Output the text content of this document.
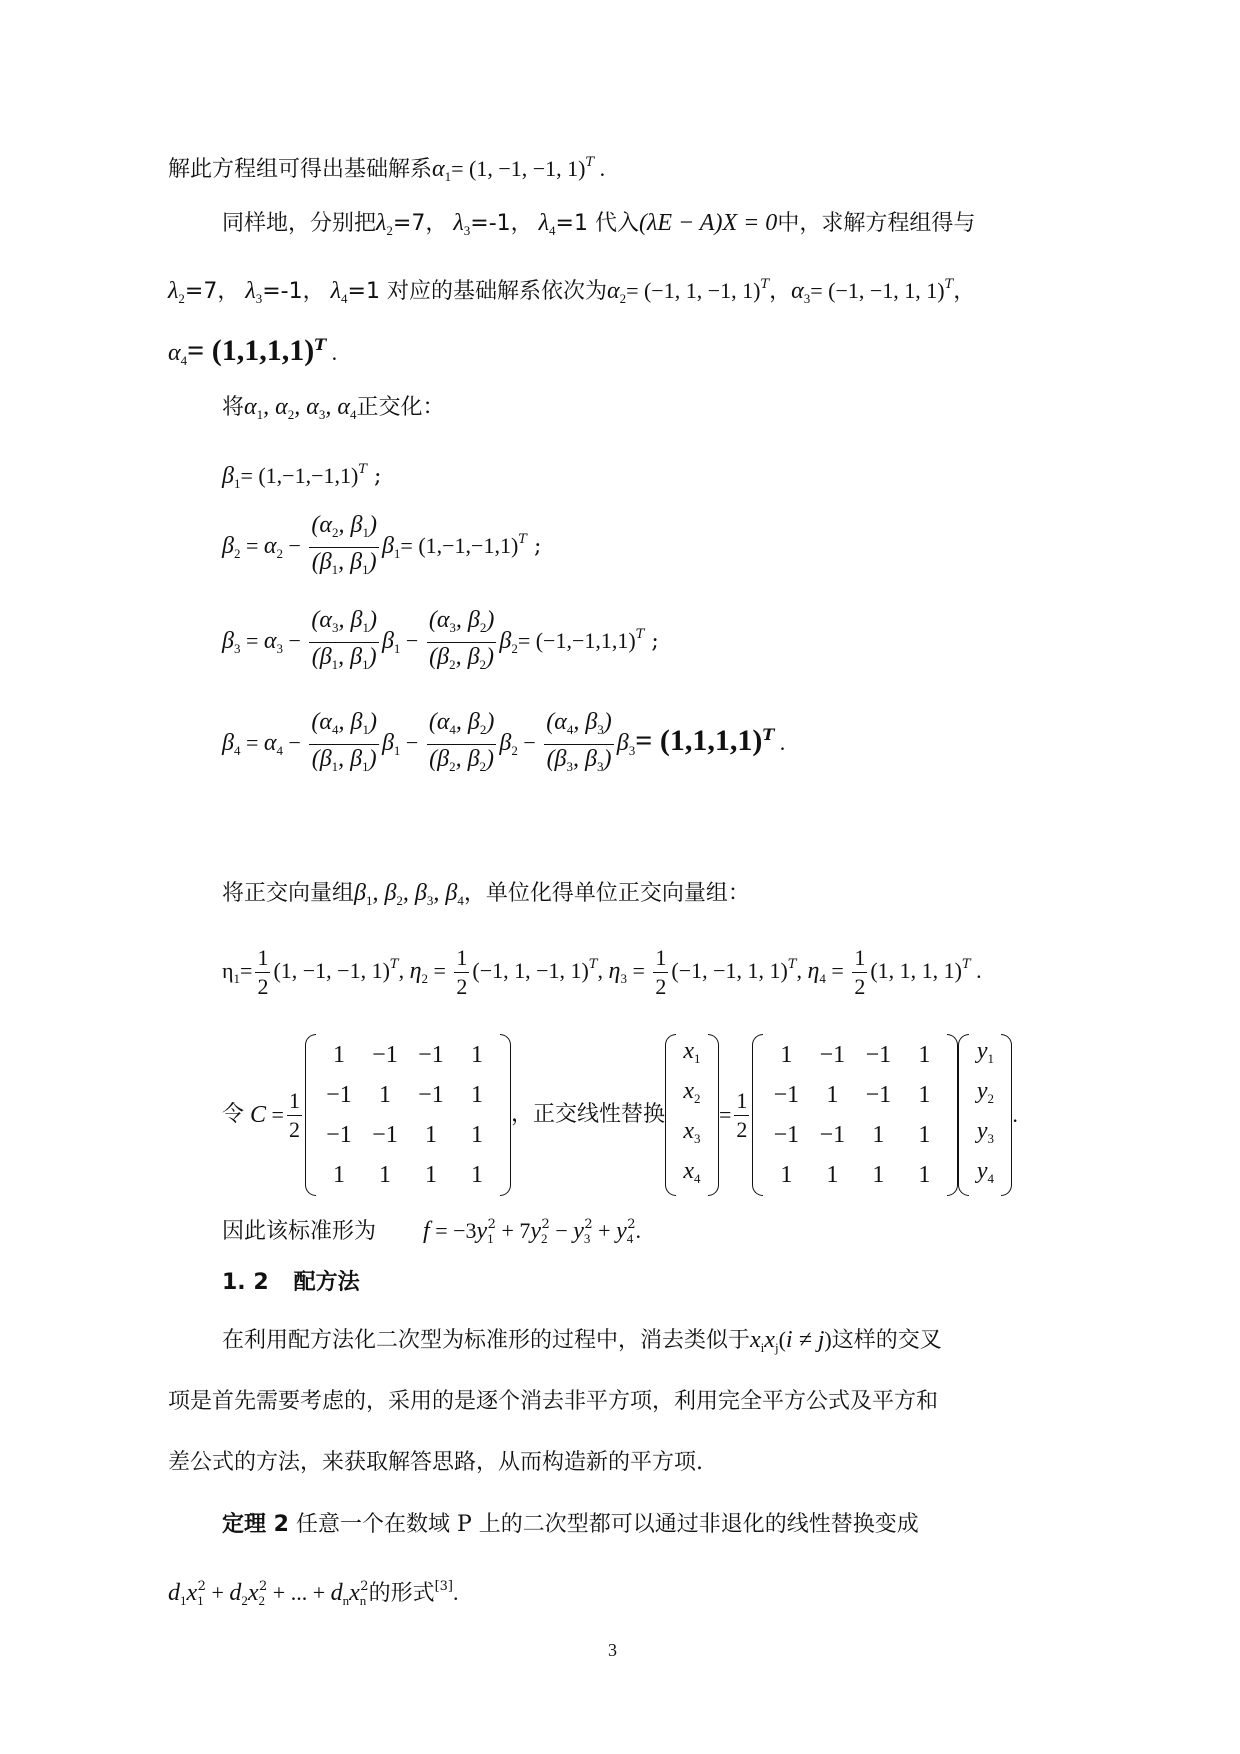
解此方程组可得出基础解系$\alpha_1= (1$, −1, −1, 1)$^T$ .
同样地，分别把$\lambda_2=7$， $\lambda_3=-1$， $\lambda_4=1$ 代入(λE − A)X = 0中，求解方程组得与
$\lambda_2=7$， $\lambda_3=-1$， $\lambda_4=1$ 对应的基础解系依次为$\alpha_2= (-1$, 1, −1, 1)$^T$，$\alpha_3= (-1$, −1, 1, 1)$^T$，
$\alpha_4= (1,1,1,1)^T$ .
将$\alpha_1$, $\alpha_2$, $\alpha_3$, $\alpha_4$正交化：
$\beta_1= (1,-1,-1,1)^T$ ;
$\beta_2 = \alpha_2 - \frac{(\alpha_2, \beta_1)}{(\beta_1, \beta_1)} \beta_1= (1,-1,-1,1)^T$ ;
$\beta_3 = \alpha_3 - \frac{(\alpha_3, \beta_1)}{(\beta_1, \beta_1)} \beta_1 - \frac{(\alpha_3, \beta_2)}{(\beta_2, \beta_2)} \beta_2= (-1,-1,1,1)^T$ ;
$\beta_4 = \alpha_4 - \frac{(\alpha_4, \beta_1)}{(\beta_1, \beta_1)} \beta_1 - \frac{(\alpha_4, \beta_2)}{(\beta_2, \beta_2)} \beta_2 - \frac{(\alpha_4, \beta_3)}{(\beta_3, \beta_3)} \beta_3= (1,1,1,1)^T$ .
将正交向量组$\beta_1$, $\beta_2$, $\beta_3$, $\beta_4$，单位化得单位正交向量组：
$\eta_1= \frac{1}{2} (1$, −1, −1, 1)$^T$, $\eta_2 = \frac{1}{2} (-1$, 1, −1, 1)$^T$, $\eta_3 = \frac{1}{2} (-1$, −1, 1, 1)$^T$, $\eta_4 = \frac{1}{2} (1$, 1, 1, 1)$^T$ .
令 $C = \frac{1}{2}$
1 −1 −1 1
−1 1 −1 1
−1 −1 1 1
1 1 1 1
，正交线性替换
$x_1$
$x_2$
$x_3$
$x_4$
= $\frac{1}{2}$
1 −1 −1 1
−1 1 −1 1
−1 −1 1 1
1 1 1 1
$y_1$
$y_2$
$y_3$
$y_4$
.
因此该标准形为 $f = -3y_1^2 + 7y_2^2 - y_3^2 + y_4^2$.
1. 2 配方法
在利用配方法化二次型为标准形的过程中，消去类似于$x_ix_j(i \ne j)$这样的交叉
项是首先需要考虑的，采用的是逐个消去非平方项，利用完全平方公式及平方和
差公式的方法，来获取解答思路，从而构造新的平方项.
定理 2 任意一个在数域 P 上的二次型都可以通过非退化的线性替换变成
$d_1x_1^2 + d_2x_2^2$ + ... + $d_nx_n^2$的形式[3].
3
